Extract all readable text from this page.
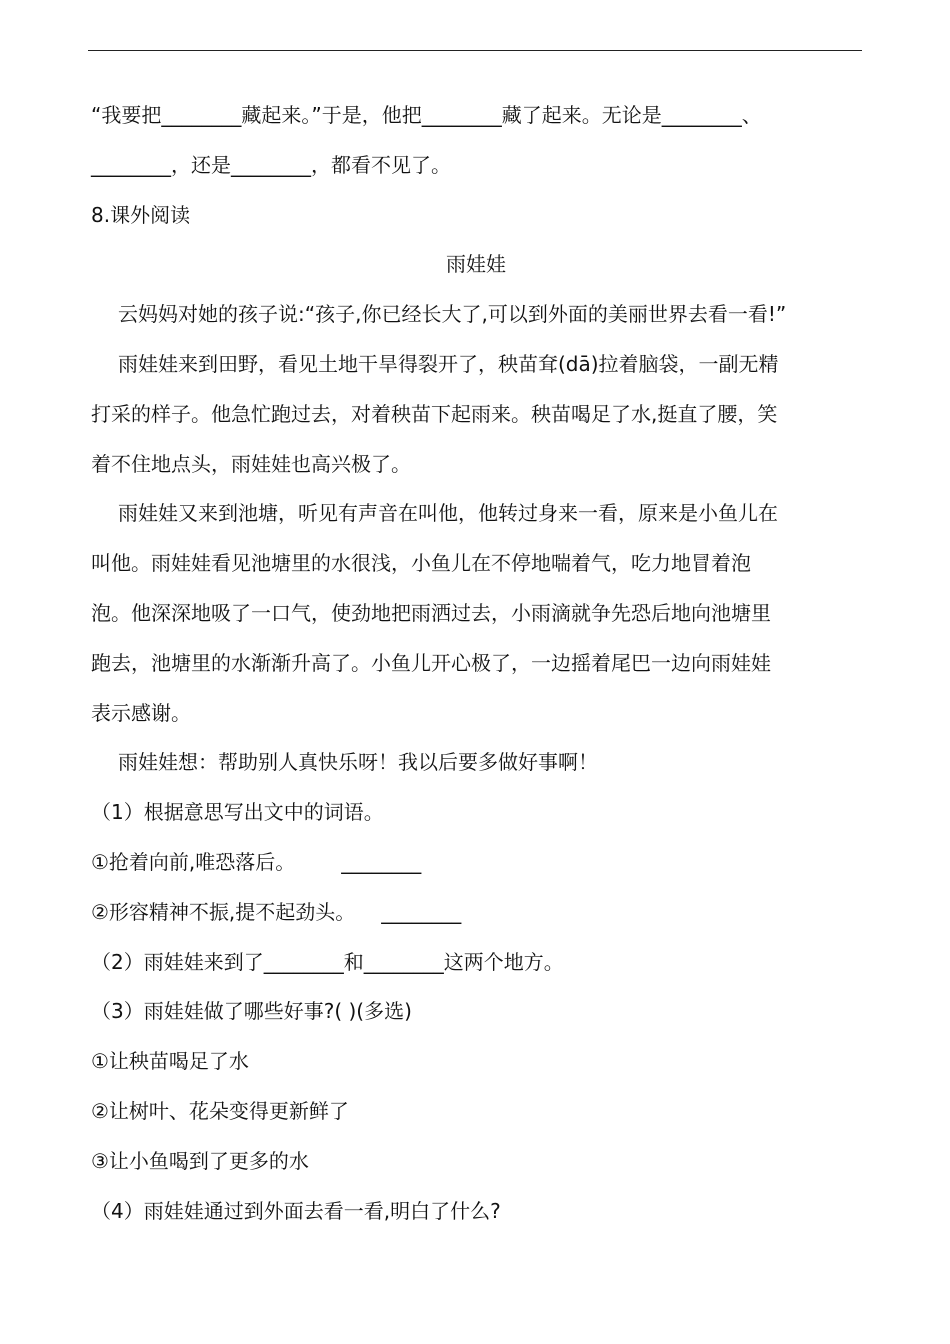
“我要把________藏起来。”于是，他把________藏了起来。无论是________、
________，还是________，都看不见了。
8.课外阅读
雨娃娃
云妈妈对她的孩子说:“孩子,你已经长大了,可以到外面的美丽世界去看一看!”
雨娃娃来到田野，看见土地干旱得裂开了，秧苗耷(dā)拉着脑袋，一副无精
打采的样子。他急忙跑过去，对着秧苗下起雨来。秧苗喝足了水,挺直了腰，笑
着不住地点头，雨娃娃也高兴极了。
雨娃娃又来到池塘，听见有声音在叫他，他转过身来一看，原来是小鱼儿在
叫他。雨娃娃看见池塘里的水很浅，小鱼儿在不停地喘着气，吃力地冒着泡
泡。他深深地吸了一口气，使劲地把雨洒过去，小雨滴就争先恐后地向池塘里
跑去，池塘里的水渐渐升高了。小鱼儿开心极了，一边摇着尾巴一边向雨娃娃
表示感谢。
雨娃娃想：帮助别人真快乐呀！我以后要多做好事啊！
（1）根据意思写出文中的词语。
①抢着向前,唯恐落后。 ________
②形容精神不振,提不起劲头。 ________
（2）雨娃娃来到了________和________这两个地方。
（3）雨娃娃做了哪些好事?( )(多选)
①让秧苗喝足了水
②让树叶、花朵变得更新鲜了
③让小鱼喝到了更多的水
（4）雨娃娃通过到外面去看一看,明白了什么?
